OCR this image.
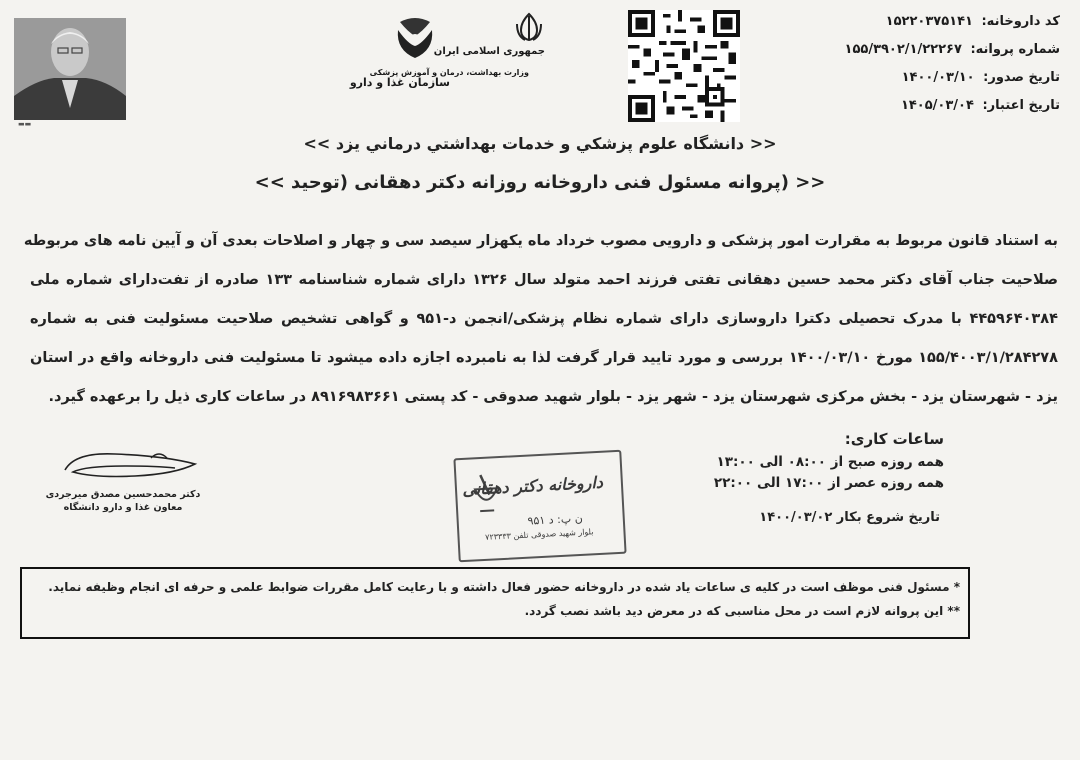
▬▬
جمهوری اسلامی ایران
وزارت بهداشت، درمان و آموزش پزشکی
سازمان غذا و دارو
کد داروخانه: ۱۵۲۲۰۳۷۵۱۴۱
شماره پروانه: ۱۵۵/۳۹۰۲/۱/۲۲۲۶۷
تاریخ صدور: ۱۴۰۰/۰۳/۱۰
تاریخ اعتبار: ۱۴۰۵/۰۳/۰۴
<< دانشگاه علوم پزشكي و خدمات بهداشتي درماني يزد >>
<< (پروانه مسئول فنی داروخانه روزانه دکتر دهقانی (توحید >>
به استناد قانون مربوط به مقرارت امور پزشکی و دارویی مصوب خرداد ماه یکهزار سیصد سی و چهار و اصلاحات بعدی آن و آیین نامه های مربوطه
صلاحیت جناب آقای دکتر محمد حسین دهقانی تفتی فرزند احمد متولد سال ۱۳۲۶ دارای شماره شناسنامه ۱۳۳ صادره از تفت‌دارای شماره ملی
۴۴۵۹۶۴۰۳۸۴ با مدرک تحصیلی دکترا داروسازی دارای شماره نظام پزشکی/انجمن د-۹۵۱ و گواهی تشخیص صلاحیت مسئولیت فنی به شماره
۱۵۵/۴۰۰۳/۱/۲۸۴۲۷۸ مورخ ۱۴۰۰/۰۳/۱۰ بررسی و مورد تایید قرار گرفت لذا به نامبرده اجازه داده میشود تا مسئولیت فنی داروخانه واقع در استان
یزد - شهرستان یزد - بخش مرکزی شهرستان یزد - شهر یزد - بلوار شهید صدوقی - کد پستی ۸۹۱۶۹۸۳۶۶۱ در ساعات کاری ذیل را برعهده گیرد.
دکتر محمدحسین مصدق میرجردی
معاون غذا و دارو دانشگاه
داروخانه دکتر دهقانی
ن پ: د ۹۵۱
بلوار شهید صدوقی تلفن ۷۲۳۳۳۳
ساعات کاری:
همه روزه صبح از ۰۸:۰۰ الی ۱۳:۰۰
همه روزه عصر از ۱۷:۰۰ الی ۲۲:۰۰
تاریخ شروع بکار ۱۴۰۰/۰۳/۰۲
* مسئول فنی موظف است در کلیه ی ساعات یاد شده در داروخانه حضور فعال داشته و با رعایت کامل مقررات ضوابط علمی و حرفه ای انجام وظیفه نماید.
** این پروانه لازم است در محل مناسبی که در معرض دید باشد نصب گردد.
